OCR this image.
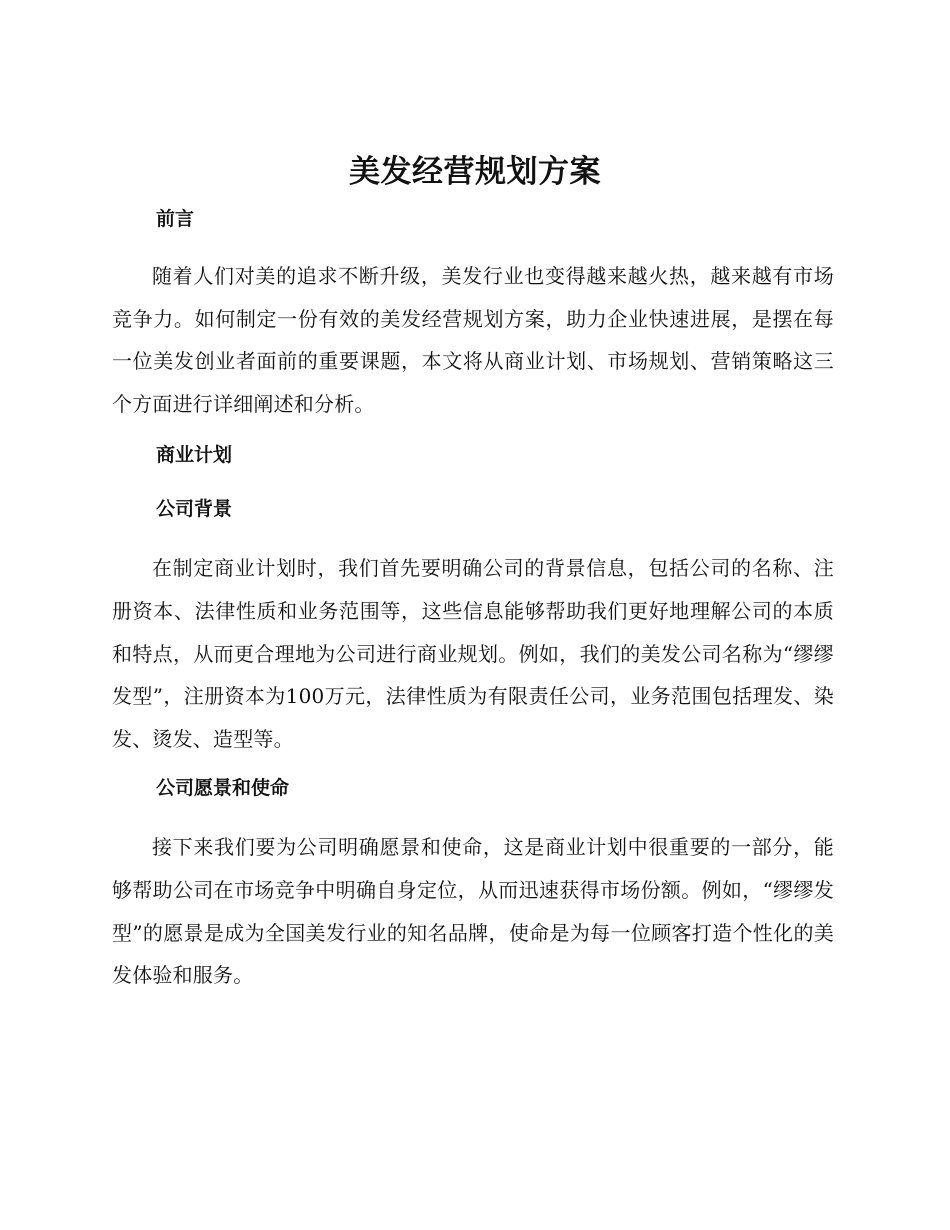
美发经营规划方案
前言

随着人们对美的追求不断升级，美发行业也变得越来越火热，越来越有市场竞争力。如何制定一份有效的美发经营规划方案，助力企业快速进展，是摆在每一位美发创业者面前的重要课题，本文将从商业计划、市场规划、营销策略这三个方面进行详细阐述和分析。

商业计划
公司背景

在制定商业计划时，我们首先要明确公司的背景信息，包括公司的名称、注册资本、法律性质和业务范围等，这些信息能够帮助我们更好地理解公司的本质和特点，从而更合理地为公司进行商业规划。例如，我们的美发公司名称为“缪缪发型”，注册资本为100万元，法律性质为有限责任公司，业务范围包括理发、染发、烫发、造型等。

公司愿景和使命

接下来我们要为公司明确愿景和使命，这是商业计划中很重要的一部分，能够帮助公司在市场竞争中明确自身定位，从而迅速获得市场份额。例如，“缪缪发型”的愿景是成为全国美发行业的知名品牌，使命是为每一位顾客打造个性化的美发体验和服务。
